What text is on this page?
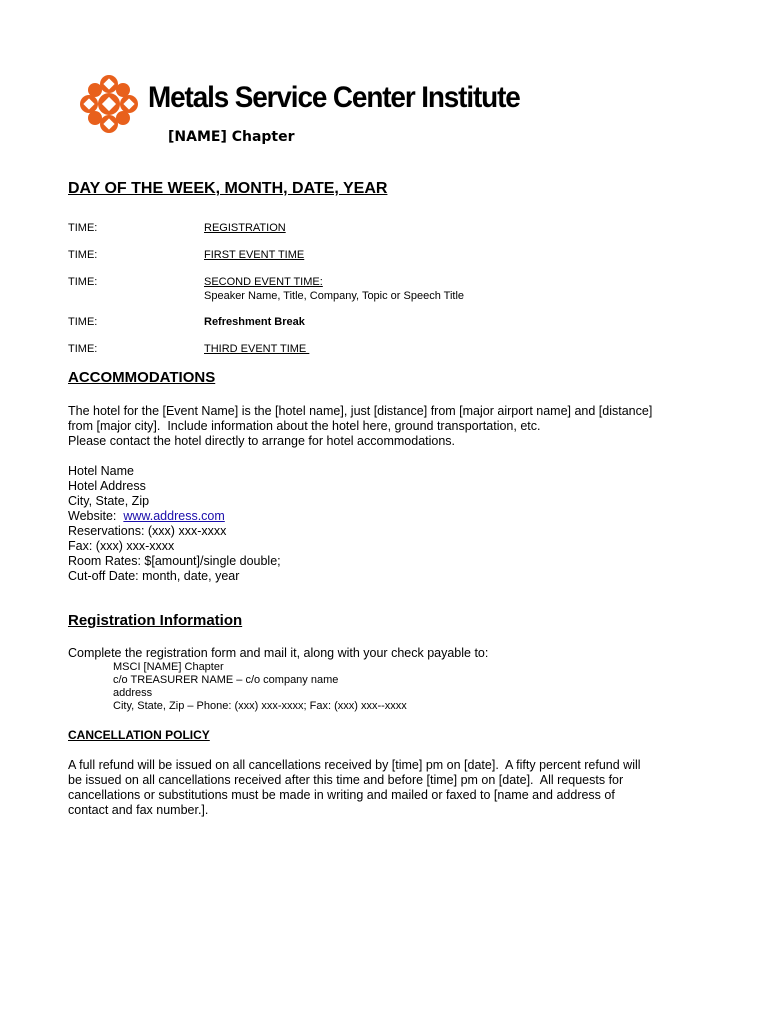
Metals Service Center Institute
[NAME] Chapter
DAY OF THE WEEK, MONTH, DATE, YEAR
TIME:	REGISTRATION
TIME:	FIRST EVENT TIME
TIME:	SECOND EVENT TIME:
Speaker Name, Title, Company, Topic or Speech Title
TIME:	Refreshment Break
TIME:	THIRD EVENT TIME
ACCOMMODATIONS
The hotel for the [Event Name] is the [hotel name], just [distance] from [major airport name] and [distance]
from [major city].  Include information about the hotel here, ground transportation, etc.
Please contact the hotel directly to arrange for hotel accommodations.
Hotel Name
Hotel Address
City, State, Zip
Website:  www.address.com
Reservations: (xxx) xxx-xxxx
Fax: (xxx) xxx-xxxx
Room Rates: $[amount]/single double;
Cut-off Date: month, date, year
Registration Information
Complete the registration form and mail it, along with your check payable to:
MSCI [NAME] Chapter
c/o TREASURER NAME – c/o company name
address
City, State, Zip – Phone: (xxx) xxx-xxxx; Fax: (xxx) xxx--xxxx
CANCELLATION POLICY
A full refund will be issued on all cancellations received by [time] pm on [date].  A fifty percent refund will
be issued on all cancellations received after this time and before [time] pm on [date].  All requests for
cancellations or substitutions must be made in writing and mailed or faxed to [name and address of
contact and fax number.].
